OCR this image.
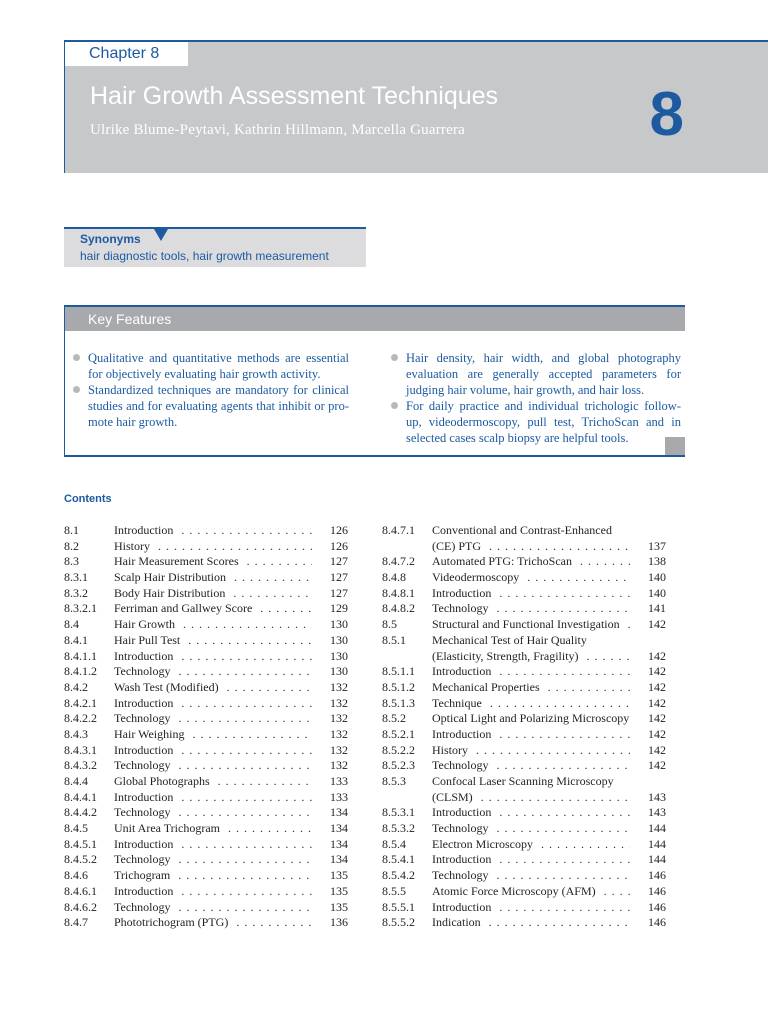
Chapter 8
Hair Growth Assessment Techniques
Ulrike Blume-Peytavi, Kathrin Hillmann, Marcella Guarrera	8
Synonyms
hair diagnostic tools, hair growth measurement
Key Features
Qualitative and quantitative methods are essential for objectively evaluating hair growth activity.
Standardized techniques are mandatory for clinical studies and for evaluating agents that inhibit or pro-mote hair growth.
Hair density, hair width, and global photography evaluation are generally accepted parameters for judging hair volume, hair growth, and hair loss.
For daily practice and individual trichologic follow-up, videodermoscopy, pull test, TrichoScan and in selected cases scalp biopsy are helpful tools.
Contents
8.1	Introduction . . .	126
8.2	History . . .	126
8.3	Hair Measurement Scores . . .	127
8.3.1 Scalp Hair Distribution . . .	127
8.3.2 Body Hair Distribution . . .	127
8.3.2.1 Ferriman and Gallwey Score . . .	129
8.4	Hair Growth . . .	130
8.4.1 Hair Pull Test . . .	130
8.4.1.1 Introduction . . .	130
8.4.1.2 Technology . . .	130
8.4.2 Wash Test (Modified) . . .	132
8.4.2.1 Introduction . . .	132
8.4.2.2 Technology . . .	132
8.4.3 Hair Weighing . . .	132
8.4.3.1 Introduction . . .	132
8.4.3.2 Technology . . .	132
8.4.4 Global Photographs . . .	133
8.4.4.1 Introduction . . .	133
8.4.4.2 Technology . . .	134
8.4.5 Unit Area Trichogram . . .	134
8.4.5.1 Introduction . . .	134
8.4.5.2 Technology . . .	134
8.4.6 Trichogram . . .	135
8.4.6.1 Introduction . . .	135
8.4.6.2 Technology . . .	135
8.4.7 Phototrichogram (PTG) . . .	136
8.4.7.1 Conventional and Contrast-Enhanced
(CE) PTG . . .	137
8.4.7.2 Automated PTG: TrichoScan . . .	138
8.4.8 Videodermoscopy . . .	140
8.4.8.1 Introduction . . .	140
8.4.8.2 Technology . . .	141
8.5	Structural and Functional Investigation . . .	142
8.5.1 Mechanical Test of Hair Quality
(Elasticity, Strength, Fragility) . . .	142
8.5.1.1 Introduction . . .	142
8.5.1.2 Mechanical Properties . . .	142
8.5.1.3 Technique . . .	142
8.5.2 Optical Light and Polarizing Microscopy . . .	142
8.5.2.1 Introduction . . .	142
8.5.2.2 History . . .	142
8.5.2.3 Technology . . .	142
8.5.3 Confocal Laser Scanning Microscopy
(CLSM) . . .	143
8.5.3.1 Introduction . . .	143
8.5.3.2 Technology . . .	144
8.5.4 Electron Microscopy . . .	144
8.5.4.1 Introduction . . .	144
8.5.4.2 Technology . . .	146
8.5.5 Atomic Force Microscopy (AFM) . . .	146
8.5.5.1 Introduction . . .	146
8.5.5.2 Indication . . .	146
